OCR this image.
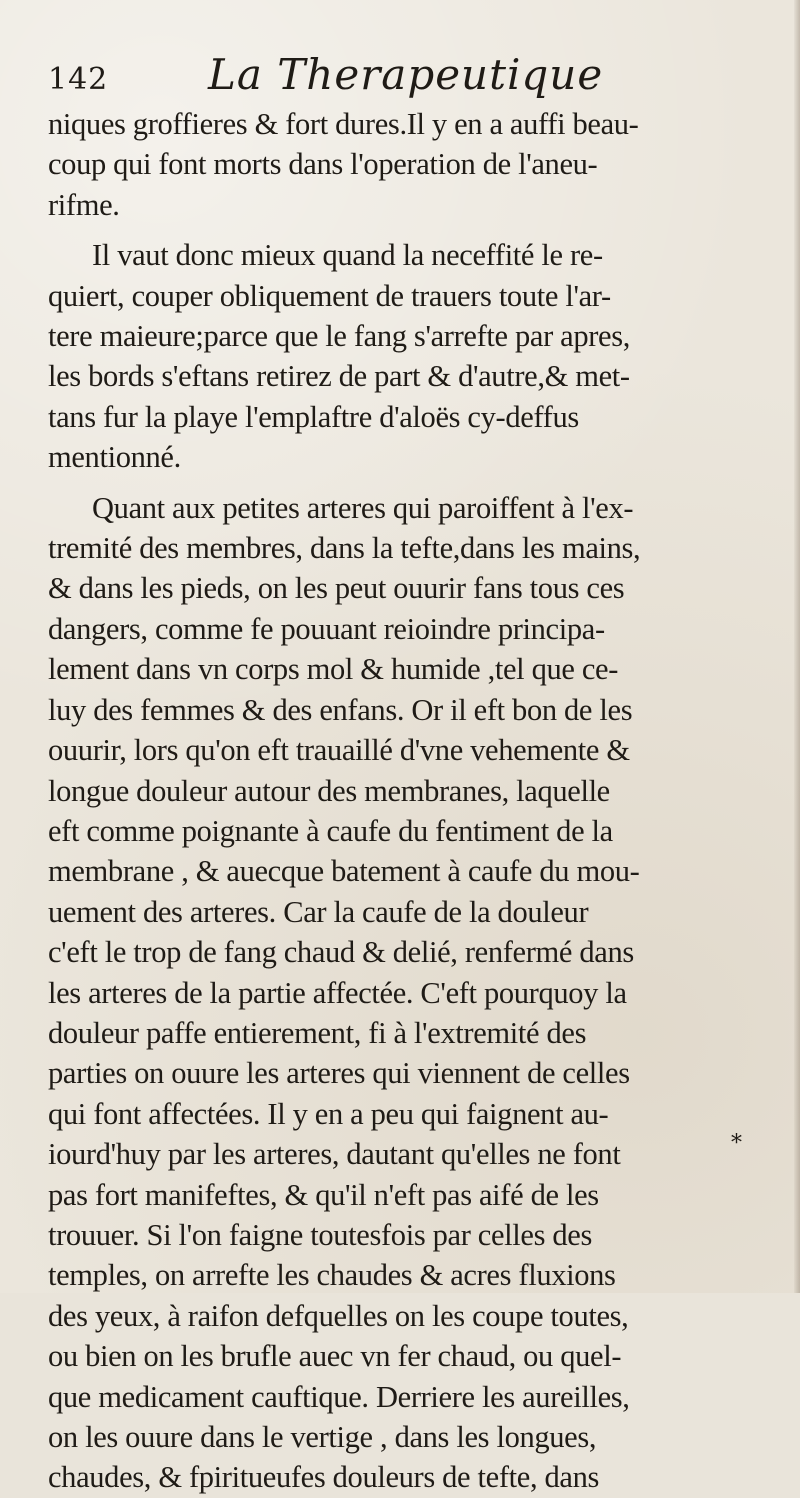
142	La Therapeutique

niques groffieres & fort dures.Il y en a auffi beau-
coup qui font morts dans l'operation de l'aneu-
rifme.

Il vaut donc mieux quand la neceffité le re-
quiert, couper obliquement de trauers toute l'ar-
tere maieure;parce que le fang s'arrefte par apres,
les bords s'eftans retirez de part & d'autre,& met-
tans fur la playe l'emplaftre d'aloës cy-deffus
mentionné.

Quant aux petites arteres qui paroiffent à l'ex-
tremité des membres, dans la tefte,dans les mains,
& dans les pieds, on les peut ouurir fans tous ces
dangers, comme fe pouuant reioindre principa-
lement dans vn corps mol & humide ,tel que ce-
luy des femmes & des enfans. Or il eft bon de les
ouurir, lors qu'on eft trauaillé d'vne vehemente &
longue douleur autour des membranes, laquelle
eft comme poignante à caufe du fentiment de la
membrane , & auecque batement à caufe du mou-
uement des arteres. Car la caufe de la douleur
c'eft le trop de fang chaud & delié, renfermé dans
les arteres de la partie affectée. C'eft pourquoy la
douleur paffe entierement, fi à l'extremité des
parties on ouure les arteres qui viennent de celles
qui font affectées. Il y en a peu qui faignent au-
iourd'huy par les arteres, dautant qu'elles ne font
pas fort manifeftes, & qu'il n'eft pas aifé de les
trouuer. Si l'on faigne toutesfois par celles des
temples, on arrefte les chaudes & acres fluxions
des yeux, à raifon defquelles on les coupe toutes,
ou bien on les brufle auec vn fer chaud, ou quel-
que medicament cauftique. Derriere les aureilles,
on les ouure dans le vertige , dans les longues,
chaudes, & fpiritueufes douleurs de tefte, dans

*
